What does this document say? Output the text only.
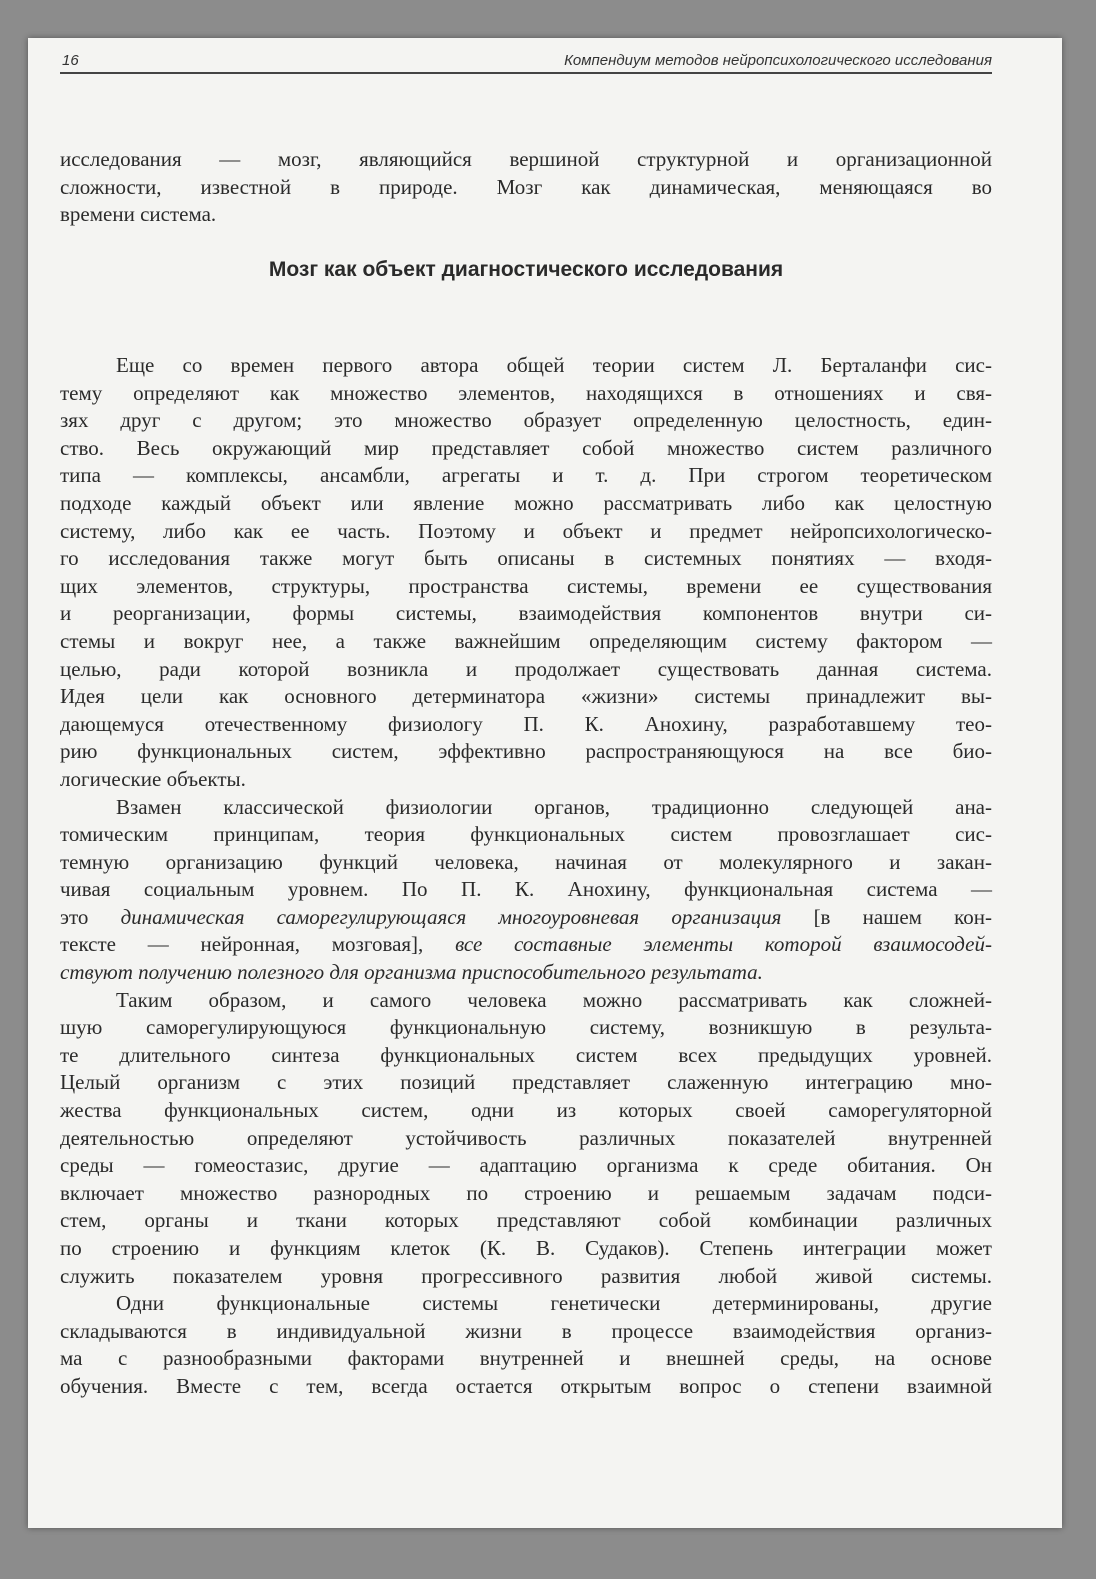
16	Компендиум методов нейропсихологического исследования
исследования — мозг, являющийся вершиной структурной и организационной
сложности, известной в природе. Мозг как динамическая, меняющаяся во
времени система.
Мозг как объект диагностического исследования
Еще со времен первого автора общей теории систем Л. Берталанфи сис-
тему определяют как множество элементов, находящихся в отношениях и свя-
зях друг с другом; это множество образует определенную целостность, един-
ство. Весь окружающий мир представляет собой множество систем различного
типа — комплексы, ансамбли, агрегаты и т. д. При строгом теоретическом
подходе каждый объект или явление можно рассматривать либо как целостную
систему, либо как ее часть. Поэтому и объект и предмет нейропсихологическо-
го исследования также могут быть описаны в системных понятиях — входя-
щих элементов, структуры, пространства системы, времени ее существования
и реорганизации, формы системы, взаимодействия компонентов внутри си-
стемы и вокруг нее, а также важнейшим определяющим систему фактором —
целью, ради которой возникла и продолжает существовать данная система.
Идея цели как основного детерминатора «жизни» системы принадлежит вы-
дающемуся отечественному физиологу П. К. Анохину, разработавшему тео-
рию функциональных систем, эффективно распространяющуюся на все био-
логические объекты.
Взамен классической физиологии органов, традиционно следующей ана-
томическим принципам, теория функциональных систем провозглашает сис-
темную организацию функций человека, начиная от молекулярного и закан-
чивая социальным уровнем. По П. К. Анохину, функциональная система —
это динамическая саморегулирующаяся многоуровневая организация [в нашем кон-
тексте — нейронная, мозговая], все составные элементы которой взаимосодей-
ствуют получению полезного для организма приспособительного результата.
Таким образом, и самого человека можно рассматривать как сложней-
шую саморегулирующуюся функциональную систему, возникшую в результа-
те длительного синтеза функциональных систем всех предыдущих уровней.
Целый организм с этих позиций представляет слаженную интеграцию мно-
жества функциональных систем, одни из которых своей саморегуляторной
деятельностью определяют устойчивость различных показателей внутренней
среды — гомеостазис, другие — адаптацию организма к среде обитания. Он
включает множество разнородных по строению и решаемым задачам подси-
стем, органы и ткани которых представляют собой комбинации различных
по строению и функциям клеток (К. В. Судаков). Степень интеграции может
служить показателем уровня прогрессивного развития любой живой системы.
Одни функциональные системы генетически детерминированы, другие
складываются в индивидуальной жизни в процессе взаимодействия организ-
ма с разнообразными факторами внутренней и внешней среды, на основе
обучения. Вместе с тем, всегда остается открытым вопрос о степени взаимной
